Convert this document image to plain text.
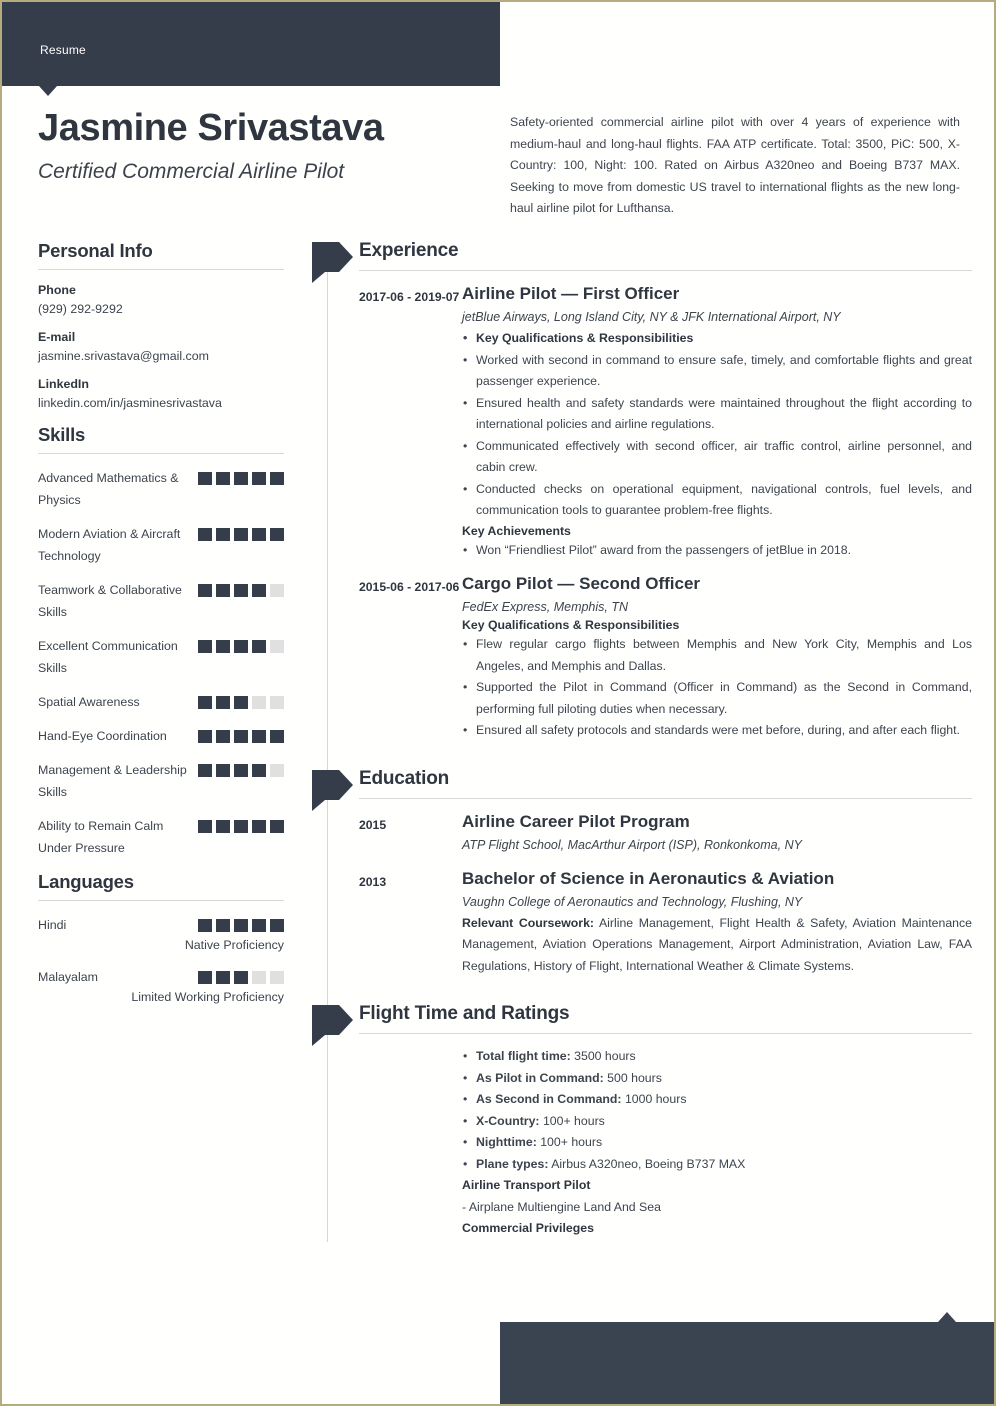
Resume
Jasmine Srivastava
Certified Commercial Airline Pilot
Safety-oriented commercial airline pilot with over 4 years of experience with medium-haul and long-haul flights. FAA ATP certificate. Total: 3500, PiC: 500, X-Country: 100, Night: 100. Rated on Airbus A320neo and Boeing B737 MAX. Seeking to move from domestic US travel to international flights as the new long-haul airline pilot for Lufthansa.
Personal Info
Phone
(929) 292-9292
E-mail
jasmine.srivastava@gmail.com
LinkedIn
linkedin.com/in/jasminesrivastava
Skills
Advanced Mathematics & Physics
Modern Aviation & Aircraft Technology
Teamwork & Collaborative Skills
Excellent Communication Skills
Spatial Awareness
Hand-Eye Coordination
Management & Leadership Skills
Ability to Remain Calm Under Pressure
Languages
Hindi
Native Proficiency
Malayalam
Limited Working Proficiency
Experience
2017-06 - 2019-07 Airline Pilot — First Officer
jetBlue Airways, Long Island City, NY & JFK International Airport, NY
• Key Qualifications & Responsibilities
• Worked with second in command to ensure safe, timely, and comfortable flights and great passenger experience.
• Ensured health and safety standards were maintained throughout the flight according to international policies and airline regulations.
• Communicated effectively with second officer, air traffic control, airline personnel, and cabin crew.
• Conducted checks on operational equipment, navigational controls, fuel levels, and communication tools to guarantee problem-free flights.
Key Achievements
• Won “Friendliest Pilot” award from the passengers of jetBlue in 2018.
2015-06 - 2017-06 Cargo Pilot — Second Officer
FedEx Express, Memphis, TN
Key Qualifications & Responsibilities
• Flew regular cargo flights between Memphis and New York City, Memphis and Los Angeles, and Memphis and Dallas.
• Supported the Pilot in Command (Officer in Command) as the Second in Command, performing full piloting duties when necessary.
• Ensured all safety protocols and standards were met before, during, and after each flight.
Education
2015	Airline Career Pilot Program
ATP Flight School, MacArthur Airport (ISP), Ronkonkoma, NY
2013	Bachelor of Science in Aeronautics & Aviation
Vaughn College of Aeronautics and Technology, Flushing, NY
Relevant Coursework: Airline Management, Flight Health & Safety, Aviation Maintenance Management, Aviation Operations Management, Airport Administration, Aviation Law, FAA Regulations, History of Flight, International Weather & Climate Systems.
Flight Time and Ratings
• Total flight time: 3500 hours
• As Pilot in Command: 500 hours
• As Second in Command: 1000 hours
• X-Country: 100+ hours
• Nighttime: 100+ hours
• Plane types: Airbus A320neo, Boeing B737 MAX
Airline Transport Pilot
- Airplane Multiengine Land And Sea
Commercial Privileges
